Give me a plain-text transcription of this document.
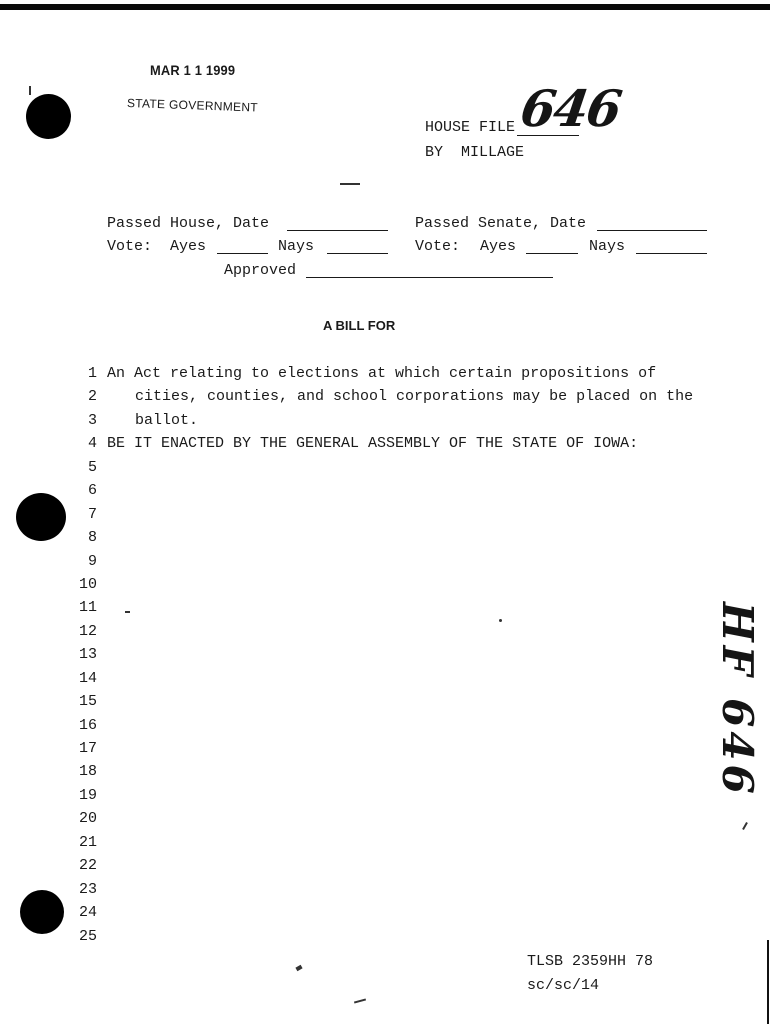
MAR 1 1 1999
STATE GOVERNMENT
HOUSE FILE 646
BY MILLAGE
Passed House, Date
Vote: Ayes	Nays
Passed Senate, Date
Vote: Ayes	Nays
Approved
A BILL FOR
1 An Act relating to elections at which certain propositions of
2	cities, counties, and school corporations may be placed on the
3	ballot.
4 BE IT ENACTED BY THE GENERAL ASSEMBLY OF THE STATE OF IOWA:
5
6
7
8
9
10
11
12
13
14
15
16
17
18
19
20
21
22
23
24
25
HF 646
TLSB 2359HH 78
sc/sc/14
